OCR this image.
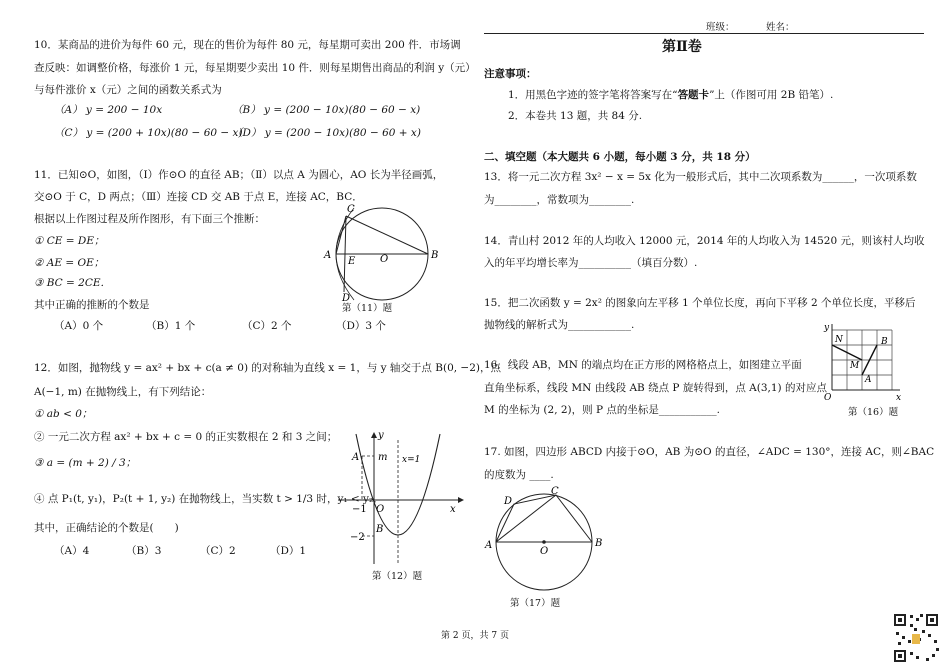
班级：	姓名：
10．某商品的进价为每件 60 元，现在的售价为每件 80 元，每星期可卖出 200 件．市场调
查反映：如调整价格，每涨价 1 元，每星期要少卖出 10 件．则每星期售出商品的利润 y（元）
与每件涨价 x（元）之间的函数关系式为
（A） y = 200 − 10x	（B） y = (200 − 10x)(80 − 60 − x)
（C） y = (200 + 10x)(80 − 60 − x)
（D） y = (200 − 10x)(80 − 60 + x)
11．已知⊙O，如图，（Ⅰ）作⊙O 的直径 AB；（Ⅱ）以点 A 为圆心，AO 长为半径画弧，
交⊙O 于 C，D 两点；（Ⅲ）连接 CD 交 AB 于点 E，连接 AC，BC．
根据以上作图过程及所作图形，有下面三个推断：
① CE = DE；
② AE = OE；
③ BC = 2CE．
其中正确的推断的个数是
（A）0 个	（B）1 个	（C）2 个	（D）3 个
C
A
E O	B
D
第（11）题
12．如图，抛物线 y = ax² + bx + c(a ≠ 0) 的对称轴为直线 x = 1，与 y 轴交于点 B(0, −2)，点
A(−1, m) 在抛物线上，有下列结论：
① ab < 0；
② 一元二次方程 ax² + bx + c = 0 的正实数根在 2 和 3 之间；
③ a = (m + 2) / 3；
④ 点 P₁(t, y₁)，P₂(t + 1, y₂) 在抛物线上，当实数 t > 1/3 时，y₁ < y₂．
其中，正确结论的个数是(　　)
（A）4	（B）3	（C）2	（D）1
y
A m x=1
−1 O
B
−2
x
第（12）题
第Ⅱ卷
注意事项：
1．用黑色字迹的签字笔将答案写在“答题卡”上（作图可用 2B 铅笔）.
2．本卷共 13 题，共 84 分.
二、填空题（本大题共 6 小题，每小题 3 分，共 18 分）
13．将一元二次方程 3x² − x = 5x 化为一般形式后，其中二次项系数为______，一次项系数
为________，常数项为________.
14．青山村 2012 年的人均收入 12000 元，2014 年的人均收入为 14520 元，则该村人均收
入的年平均增长率为__________（填百分数）.
15．把二次函数 y = 2x² 的图象向左平移 1 个单位长度，再向下平移 2 个单位长度，平移后
抛物线的解析式为____________.
16．线段 AB，MN 的端点均在正方形的网格格点上，如图建立平面
直角坐标系，线段 MN 由线段 AB 绕点 P 旋转得到，点 A(3,1) 的对应点
M 的坐标为 (2, 2)，则 P 点的坐标是___________.
y
N	B
M
A
O	x
第（16）题
17. 如图，四边形 ABCD 内接于⊙O，AB 为⊙O 的直径，∠ADC = 130°，连接 AC，则∠BAC
的度数为 ____.
D
C
A
O
B
第（17）题
第 2 页，共 7 页
